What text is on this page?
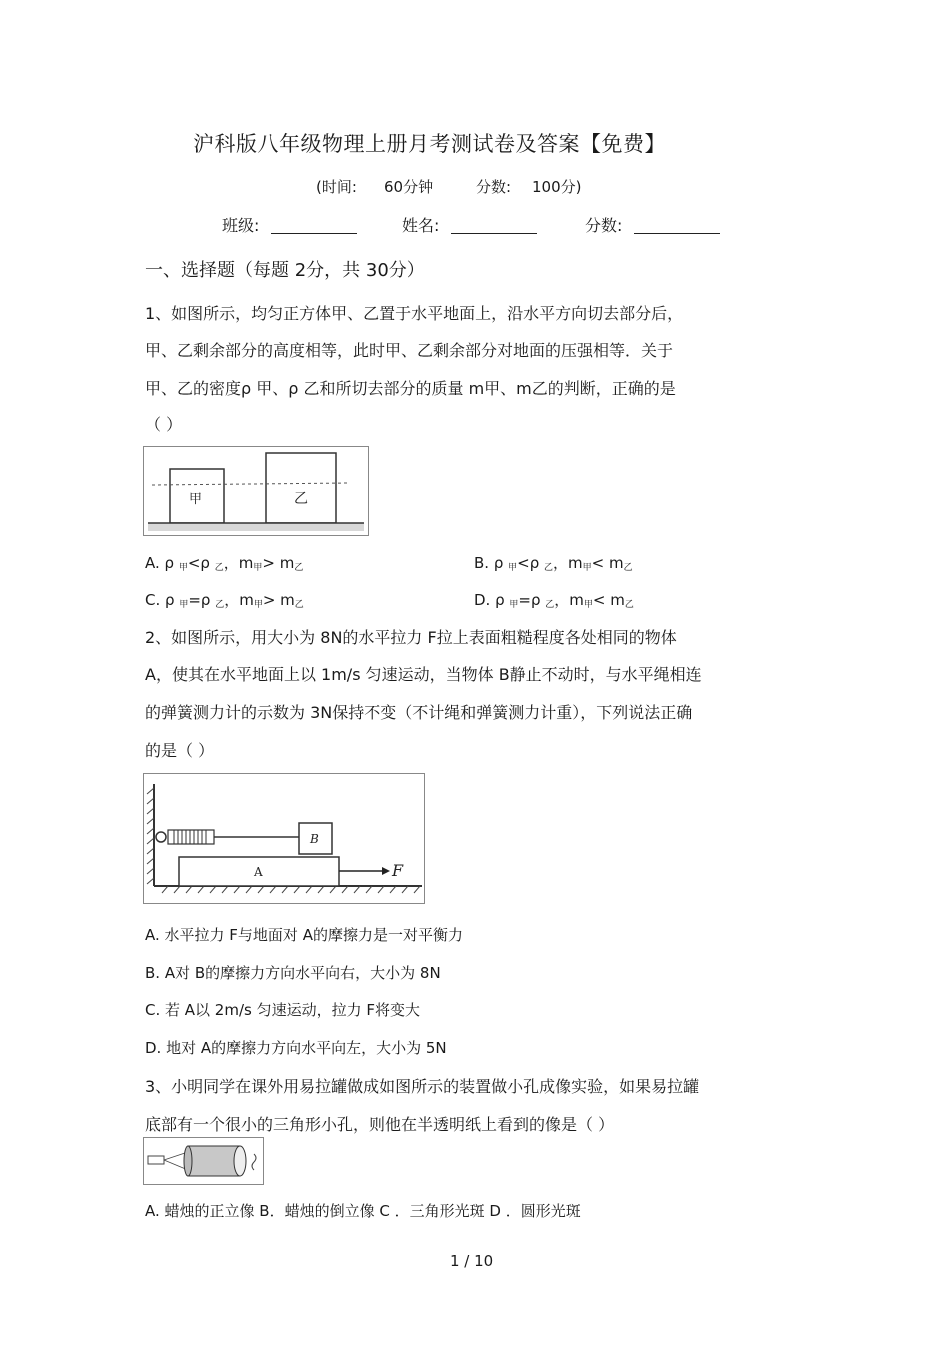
沪科版八年级物理上册月考测试卷及答案【免费】
(时间: 60分钟	分数: 100分)
班级:	姓名:	分数:
一、选择题（每题 2分，共 30分）
1、如图所示，均匀正方体甲、乙置于水平地面上，沿水平方向切去部分后，
甲、乙剩余部分的高度相等，此时甲、乙剩余部分对地面的压强相等．关于
甲、乙的密度ρ 甲、ρ 乙和所切去部分的质量 m甲、m乙的判断，正确的是
（ ）
甲	乙
A. ρ $_甲$<ρ $_乙$，$m_甲> m_乙$	B. ρ $_甲$<ρ $_乙$，$m_甲< m_乙$
C. ρ $_甲$=ρ $_乙$，$m_甲> m_乙$	D. ρ $_甲$=ρ $_乙$，$m_甲< m_乙$
2、如图所示，用大小为 8N的水平拉力 F拉上表面粗糙程度各处相同的物体
A，使其在水平地面上以 1m/s 匀速运动，当物体 B静止不动时，与水平绳相连
的弹簧测力计的示数为 3N保持不变（不计绳和弹簧测力计重），下列说法正确
的是（ ）
B
A	F
A. 水平拉力 F与地面对 A的摩擦力是一对平衡力
B. A对 B的摩擦力方向水平向右，大小为 8N
C. 若 A以 2m/s 匀速运动，拉力 F将变大
D. 地对 A的摩擦力方向水平向左，大小为 5N
3、小明同学在课外用易拉罐做成如图所示的装置做小孔成像实验，如果易拉罐
底部有一个很小的三角形小孔，则他在半透明纸上看到的像是（ ）
A. 蜡烛的正立像 B．蜡烛的倒立像 C ．三角形光斑 D ．圆形光斑
1 / 10
